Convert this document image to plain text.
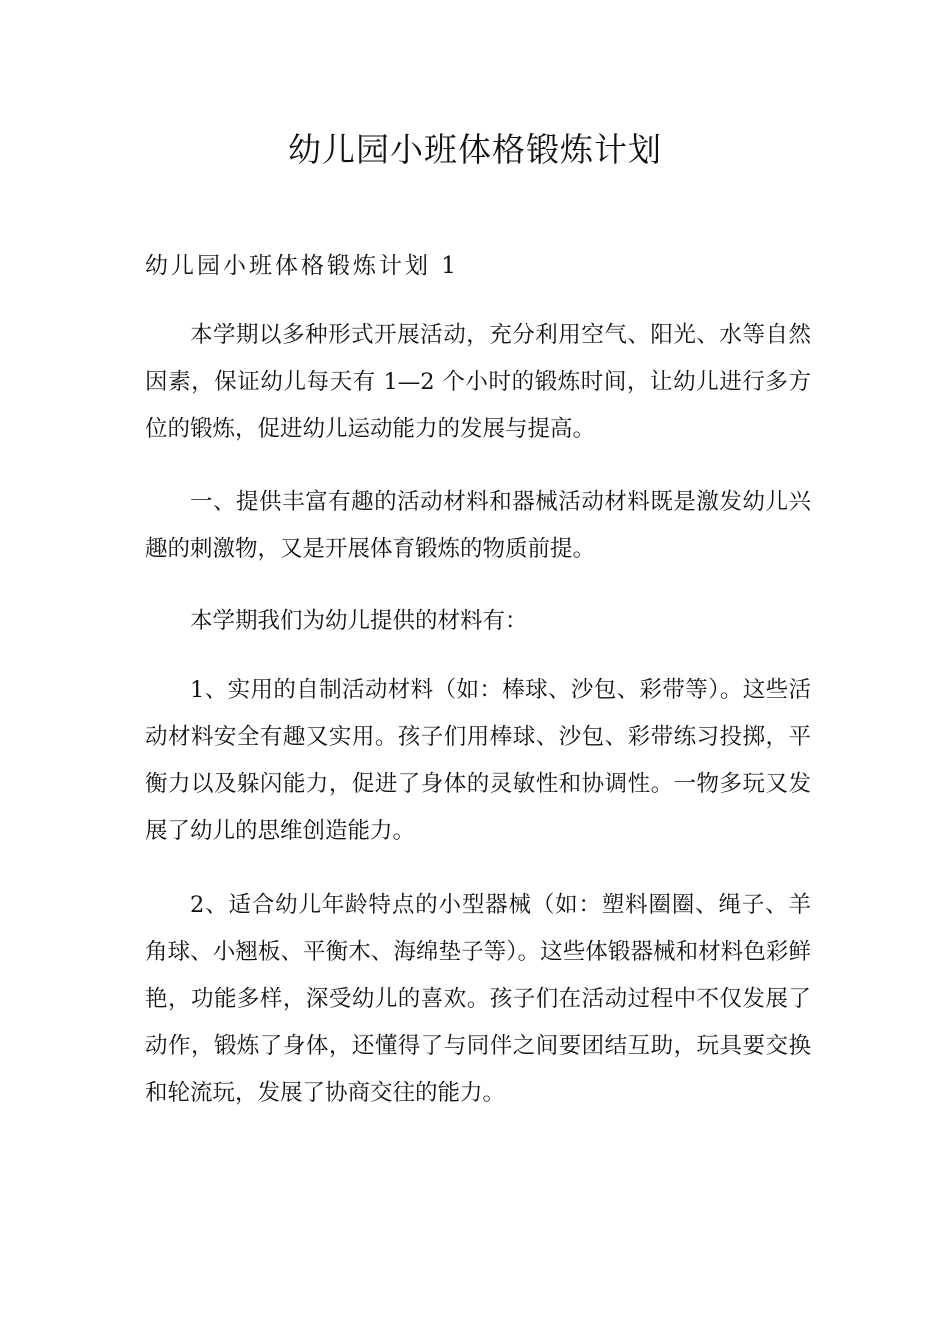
幼儿园小班体格锻炼计划
幼儿园小班体格锻炼计划 1

本学期以多种形式开展活动，充分利用空气、阳光、水等自然因素，保证幼儿每天有 1—2 个小时的锻炼时间，让幼儿进行多方位的锻炼，促进幼儿运动能力的发展与提高。

一、提供丰富有趣的活动材料和器械活动材料既是激发幼儿兴趣的刺激物，又是开展体育锻炼的物质前提。

本学期我们为幼儿提供的材料有：

1、实用的自制活动材料（如：棒球、沙包、彩带等）。这些活动材料安全有趣又实用。孩子们用棒球、沙包、彩带练习投掷，平衡力以及躲闪能力，促进了身体的灵敏性和协调性。一物多玩又发展了幼儿的思维创造能力。

2、适合幼儿年龄特点的小型器械（如：塑料圈圈、绳子、羊角球、小翘板、平衡木、海绵垫子等）。这些体锻器械和材料色彩鲜艳，功能多样，深受幼儿的喜欢。孩子们在活动过程中不仅发展了动作，锻炼了身体，还懂得了与同伴之间要团结互助，玩具要交换和轮流玩，发展了协商交往的能力。
